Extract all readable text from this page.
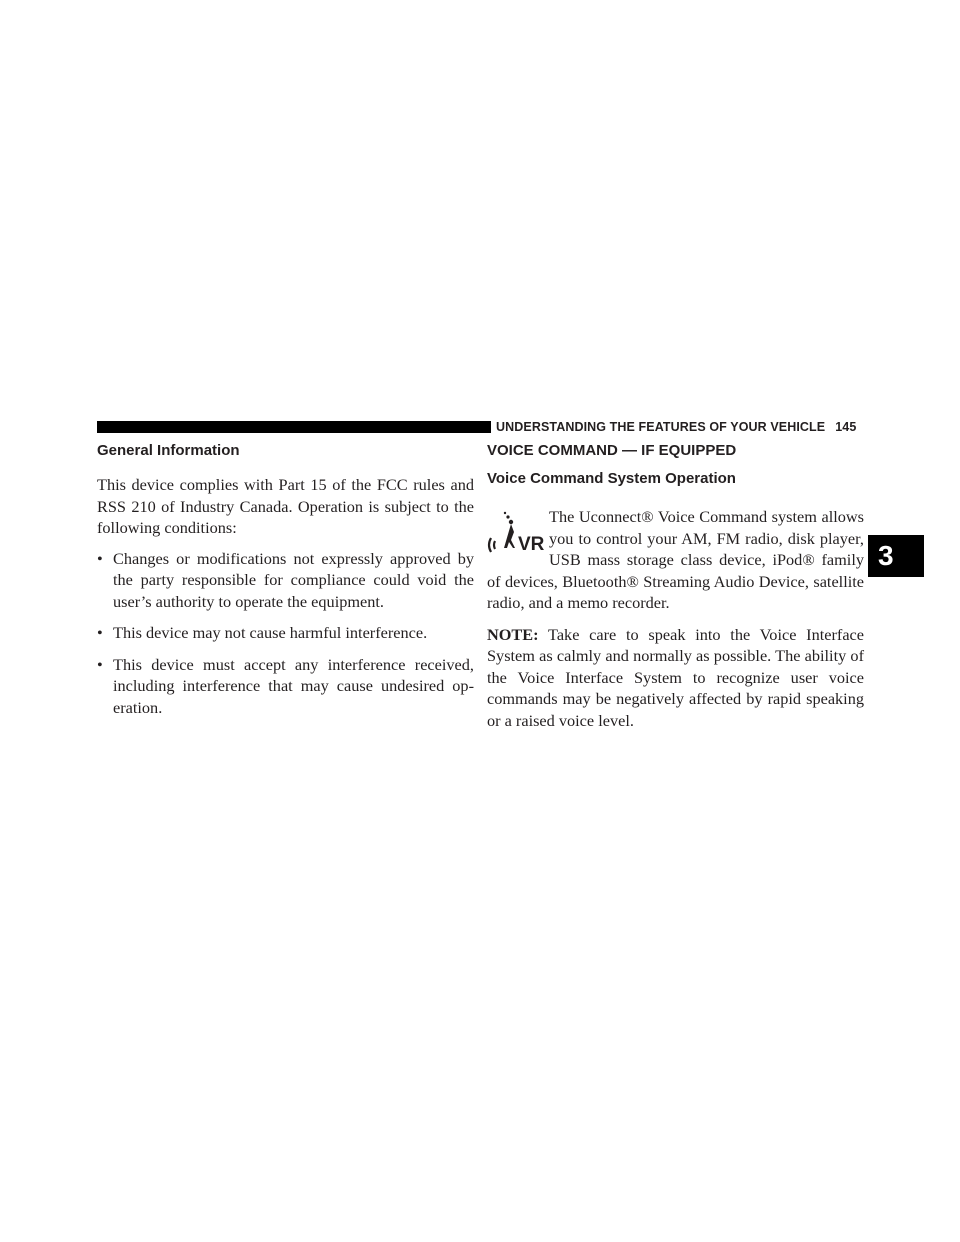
UNDERSTANDING THE FEATURES OF YOUR VEHICLE 145
3
General Information

This device complies with Part 15 of the FCC rules and RSS 210 of Industry Canada. Operation is subject to the following conditions:

• Changes or modifications not expressly approved by the party responsible for compliance could void the user’s authority to operate the equipment.
• This device may not cause harmful interference.
• This device must accept any interference received, including interference that may cause undesired op-eration.
VOICE COMMAND — IF EQUIPPED
Voice Command System Operation
VR

The Uconnect® Voice Command system allows you to control your AM, FM radio, disk player, USB mass storage class device, iPod® family of devices, Bluetooth® Streaming Audio Device, satellite radio, and a memo recorder.

NOTE: Take care to speak into the Voice Interface System as calmly and normally as possible. The ability of the Voice Interface System to recognize user voice commands may be negatively affected by rapid speaking or a raised voice level.
